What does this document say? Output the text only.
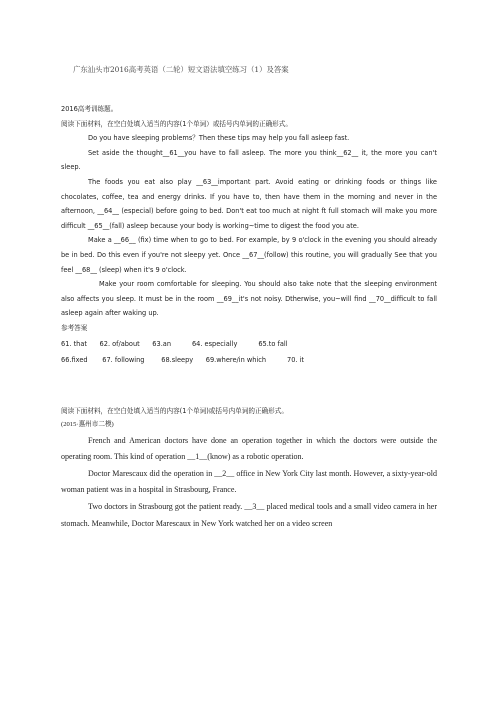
广东汕头市2016高考英语（二轮）短文语法填空练习（1）及答案

2016高考训练题。

阅读下面材料，在空白处填入适当的内容(1个单词）或括号内单词的正确形式。

Do you have sleeping problems？Then these tips may help you fall asleep fast.

Set aside the thought__61__you have to fall asleep. The more you think__62__ it, the more you can't sleep.

The foods you eat also play __63__important part. Avoid eating or drinking foods or things like chocolates, coffee, tea and energy drinks. If you have to, then have them in the morning and never in the afternoon, __64__ (especial) before going to bed. Don't eat too much at night ft full stomach will make you more difficult __65__(fall) asleep because your body is working~time to digest the food you ate.

Make a __66__ (fix) time when to go to bed. For example, by 9 o'clock in the evening you should already be in bed. Do this even if you're not sleepy yet. Once __67__(follow) this routine, you will gradually See that you feel __68__ (sleep) when it's 9 o'clock.

Make your room comfortable for sleeping. You should also take note that the sleeping environment also affects you sleep. It must be in the room __69__it's not noisy. Dtherwise, you~will find __70__difficult to fall asleep again after waking up.

参考答案

61. that      62. of/about      63.an          64. especially          65.to fall

66.fixed       67. following        68.sleepy      69.where/in which          70. it

阅读下面材料，在空白处填入适当的内容(1个单词)或括号内单词的正确形式。

(2015·惠州市二模)

French and American doctors have done an operation together in which the doctors were outside the operating room. This kind of operation __1__(know) as a robotic operation.

Doctor Marescaux did the operation in __2__ office in New York City last month. However, a sixty-year-old woman patient was in a hospital in Strasbourg, France.

Two doctors in Strasbourg got the patient ready. __3__ placed medical tools and a small video camera in her stomach. Meanwhile, Doctor Marescaux in New York watched her on a video screen
